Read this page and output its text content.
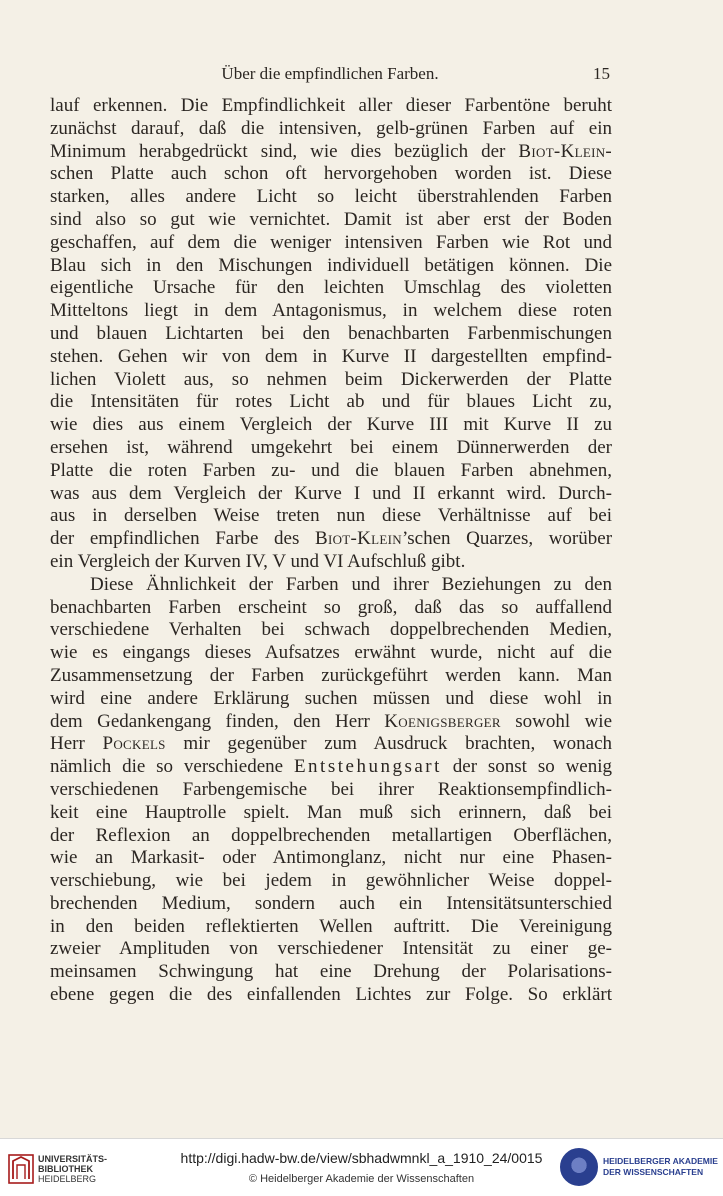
Über die empfindlichen Farben.	15
lauf erkennen. Die Empfindlichkeit aller dieser Farbentöne beruht
zunächst darauf, daß die intensiven, gelb-grünen Farben auf ein
Minimum herabgedrückt sind, wie dies bezüglich der Biot-Klein-
schen Platte auch schon oft hervorgehoben worden ist. Diese
starken, alles andere Licht so leicht überstrahlenden Farben
sind also so gut wie vernichtet. Damit ist aber erst der Boden
geschaffen, auf dem die weniger intensiven Farben wie Rot und
Blau sich in den Mischungen individuell betätigen können. Die
eigentliche Ursache für den leichten Umschlag des violetten
Mitteltons liegt in dem Antagonismus, in welchem diese roten
und blauen Lichtarten bei den benachbarten Farbenmischungen
stehen. Gehen wir von dem in Kurve II dargestellten empfind-
lichen Violett aus, so nehmen beim Dickerwerden der Platte
die Intensitäten für rotes Licht ab und für blaues Licht zu,
wie dies aus einem Vergleich der Kurve III mit Kurve II zu
ersehen ist, während umgekehrt bei einem Dünnerwerden der
Platte die roten Farben zu- und die blauen Farben abnehmen,
was aus dem Vergleich der Kurve I und II erkannt wird. Durch-
aus in derselben Weise treten nun diese Verhältnisse auf bei
der empfindlichen Farbe des Biot-Klein’schen Quarzes, worüber
ein Vergleich der Kurven IV, V und VI Aufschluß gibt.
Diese Ähnlichkeit der Farben und ihrer Beziehungen zu den
benachbarten Farben erscheint so groß, daß das so auffallend
verschiedene Verhalten bei schwach doppelbrechenden Medien,
wie es eingangs dieses Aufsatzes erwähnt wurde, nicht auf die
Zusammensetzung der Farben zurückgeführt werden kann. Man
wird eine andere Erklärung suchen müssen und diese wohl in
dem Gedankengang finden, den Herr Koenigsberger sowohl wie
Herr Pockels mir gegenüber zum Ausdruck brachten, wonach
nämlich die so verschiedene Entstehungsart der sonst so wenig
verschiedenen Farbengemische bei ihrer Reaktionsempfindlich-
keit eine Hauptrolle spielt. Man muß sich erinnern, daß bei
der Reflexion an doppelbrechenden metallartigen Oberflächen,
wie an Markasit- oder Antimonglanz, nicht nur eine Phasen-
verschiebung, wie bei jedem in gewöhnlicher Weise doppel-
brechenden Medium, sondern auch ein Intensitätsunterschied
in den beiden reflektierten Wellen auftritt. Die Vereinigung
zweier Amplituden von verschiedener Intensität zu einer ge-
meinsamen Schwingung hat eine Drehung der Polarisations-
ebene gegen die des einfallenden Lichtes zur Folge. So erklärt
UNIVERSITÄTS-
BIBLIOTHEK
HEIDELBERG
http://digi.hadw-bw.de/view/sbhadwmnkl_a_1910_24/0015
© Heidelberger Akademie der Wissenschaften
HEIDELBERGER AKADEMIE
DER WISSENSCHAFTEN
